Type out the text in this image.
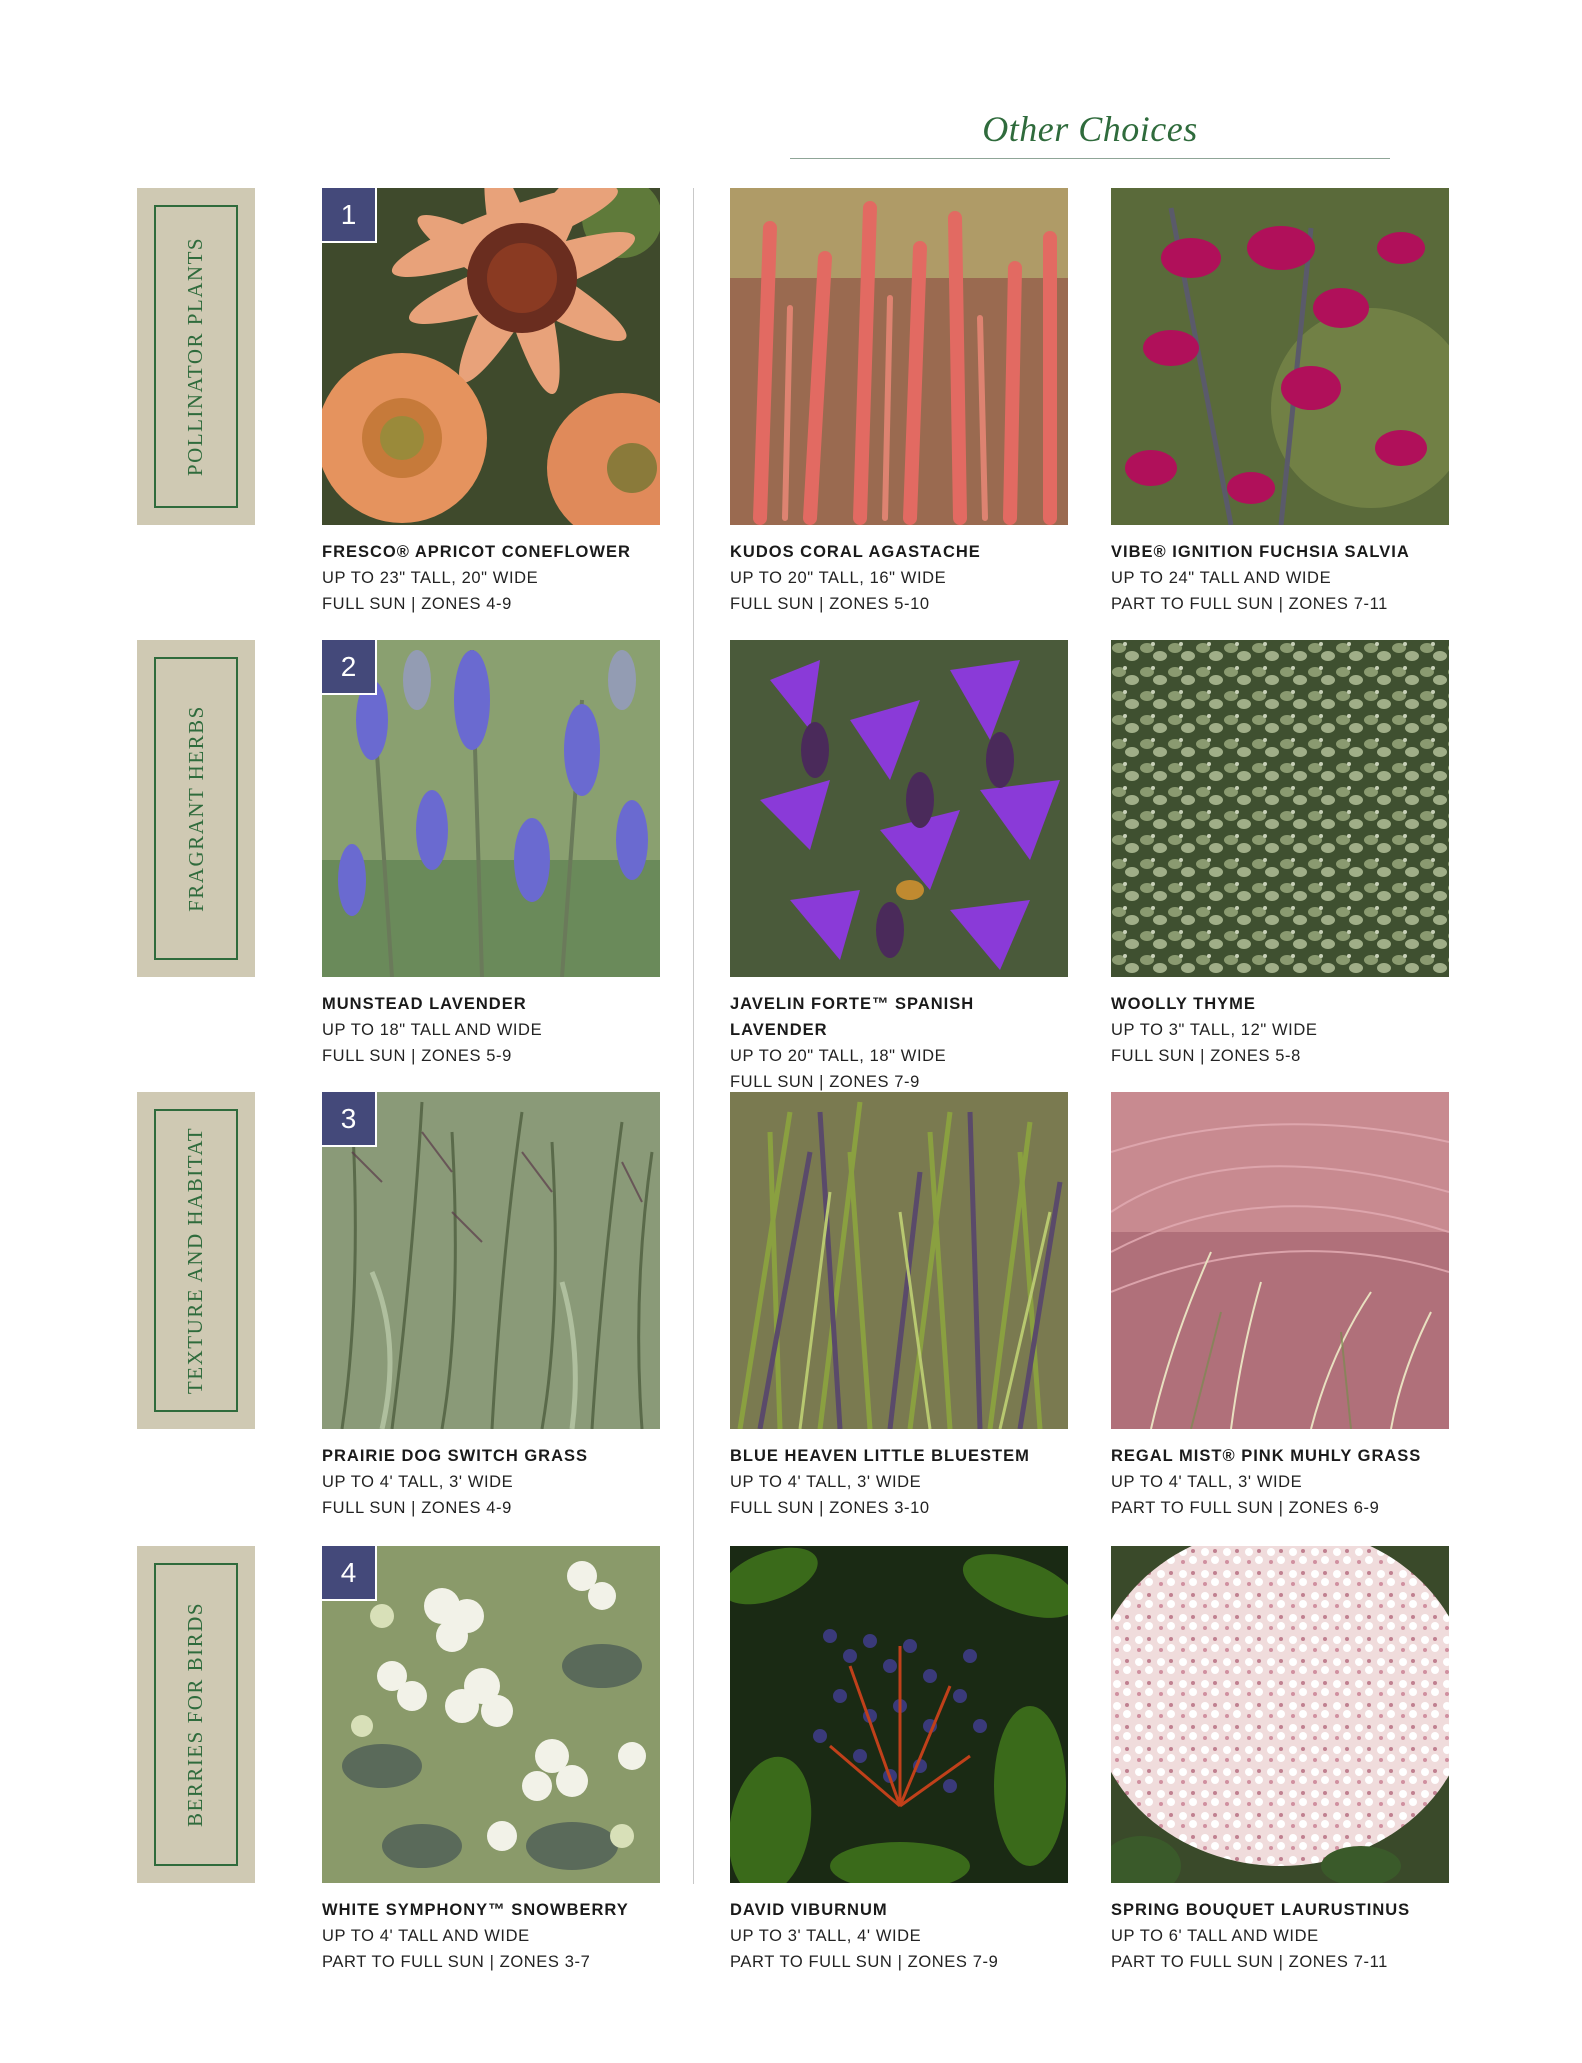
Other Choices
POLLINATOR PLANTS
1
FRESCO® APRICOT CONEFLOWER
UP TO 23" TALL, 20" WIDE
FULL SUN | ZONES 4-9
KUDOS CORAL AGASTACHE
UP TO 20" TALL, 16" WIDE
FULL SUN | ZONES 5-10
VIBE® IGNITION FUCHSIA SALVIA
UP TO 24" TALL AND WIDE
PART TO FULL SUN | ZONES 7-11
FRAGRANT HERBS
2
MUNSTEAD LAVENDER
UP TO 18" TALL AND WIDE
FULL SUN | ZONES 5-9
JAVELIN FORTE™ SPANISH LAVENDER
UP TO 20" TALL, 18" WIDE
FULL SUN | ZONES 7-9
WOOLLY THYME
UP TO 3" TALL, 12" WIDE
FULL SUN | ZONES 5-8
TEXTURE AND HABITAT
3
PRAIRIE DOG SWITCH GRASS
UP TO 4' TALL, 3' WIDE
FULL SUN | ZONES 4-9
BLUE HEAVEN LITTLE BLUESTEM
UP TO 4' TALL, 3' WIDE
FULL SUN | ZONES 3-10
REGAL MIST® PINK MUHLY GRASS
UP TO 4' TALL, 3' WIDE
PART TO FULL SUN | ZONES 6-9
BERRIES FOR BIRDS
4
WHITE SYMPHONY™ SNOWBERRY
UP TO 4' TALL AND WIDE
PART TO FULL SUN | ZONES 3-7
DAVID VIBURNUM
UP TO 3' TALL, 4' WIDE
PART TO FULL SUN | ZONES 7-9
SPRING BOUQUET LAURUSTINUS
UP TO 6' TALL AND WIDE
PART TO FULL SUN | ZONES 7-11
